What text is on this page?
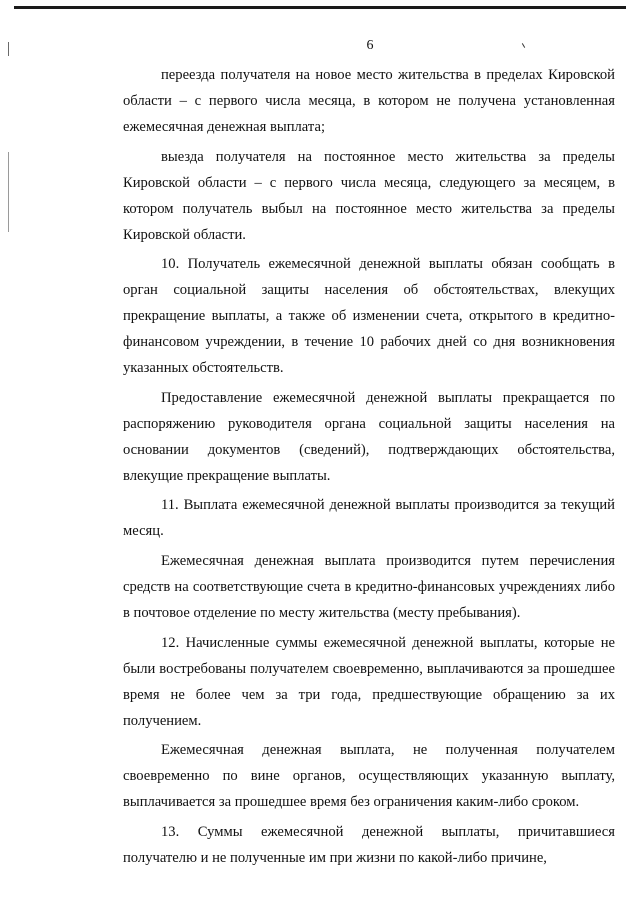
6

переезда получателя на новое место жительства в пределах Кировской области – с первого числа месяца, в котором не получена установленная ежемесячная денежная выплата;

выезда получателя на постоянное место жительства за пределы Кировской области – с первого числа месяца, следующего за месяцем, в котором получатель выбыл на постоянное место жительства за пределы Кировской области.

10. Получатель ежемесячной денежной выплаты обязан сообщать в орган социальной защиты населения об обстоятельствах, влекущих прекращение выплаты, а также об изменении счета, открытого в кредитно-финансовом учреждении, в течение 10 рабочих дней со дня возникновения указанных обстоятельств.

Предоставление ежемесячной денежной выплаты прекращается по распоряжению руководителя органа социальной защиты населения на основании документов (сведений), подтверждающих обстоятельства, влекущие прекращение выплаты.

11. Выплата ежемесячной денежной выплаты производится за текущий месяц.

Ежемесячная денежная выплата производится путем перечисления средств на соответствующие счета в кредитно-финансовых учреждениях либо в почтовое отделение по месту жительства (месту пребывания).

12. Начисленные суммы ежемесячной денежной выплаты, которые не были востребованы получателем своевременно, выплачиваются за прошедшее время не более чем за три года, предшествующие обращению за их получением.

Ежемесячная денежная выплата, не полученная получателем своевременно по вине органов, осуществляющих указанную выплату, выплачивается за прошедшее время без ограничения каким-либо сроком.

13. Суммы ежемесячной денежной выплаты, причитавшиеся получателю и не полученные им при жизни по какой-либо причине,
